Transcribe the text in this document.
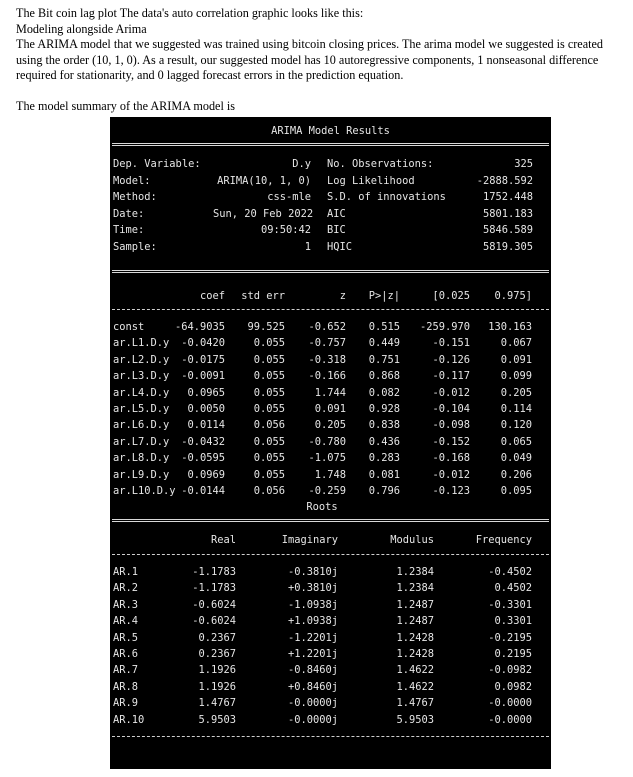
The Bit coin lag plot The data's auto correlation graphic looks like this:

Modeling alongside Arima

The ARIMA model that we suggested was trained using bitcoin closing prices. The arima model we suggested is created using the order (10, 1, 0). As a result, our suggested model has 10 autoregressive components, 1 nonseasonal difference required for stationarity, and 0 lagged forecast errors in the prediction equation.

The model summary of the ARIMA model is

ARIMA Model Results
Dep. Variable:	D.y No. Observations:	325
Model:	ARIMA(10, 1, 0) Log Likelihood	-2888.592
Method:	css-mle S.D. of innovations	1752.448
Date:	Sun, 20 Feb 2022 AIC	5801.183
Time:	09:50:42 BIC	5846.589
Sample:	1 HQIC	5819.305
coef	std err	z	P>|z|	[0.025	0.975]
const	-64.9035	99.525	-0.652	0.515	-259.970	130.163
ar.L1.D.y	-0.0420	0.055	-0.757	0.449	-0.151	0.067
ar.L2.D.y	-0.0175	0.055	-0.318	0.751	-0.126	0.091
ar.L3.D.y	-0.0091	0.055	-0.166	0.868	-0.117	0.099
ar.L4.D.y	0.0965	0.055	1.744	0.082	-0.012	0.205
ar.L5.D.y	0.0050	0.055	0.091	0.928	-0.104	0.114
ar.L6.D.y	0.0114	0.056	0.205	0.838	-0.098	0.120
ar.L7.D.y	-0.0432	0.055	-0.780	0.436	-0.152	0.065
ar.L8.D.y	-0.0595	0.055	-1.075	0.283	-0.168	0.049
ar.L9.D.y	0.0969	0.055	1.748	0.081	-0.012	0.206
ar.L10.D.y -0.0144	0.056	-0.259	0.796	-0.123	0.095
Roots
Real	Imaginary	Modulus	Frequency
AR.1	-1.1783	-0.3810j	1.2384	-0.4502
AR.2	-1.1783	+0.3810j	1.2384	0.4502
AR.3	-0.6024	-1.0938j	1.2487	-0.3301
AR.4	-0.6024	+1.0938j	1.2487	0.3301
AR.5	0.2367	-1.2201j	1.2428	-0.2195
AR.6	0.2367	+1.2201j	1.2428	0.2195
AR.7	1.1926	-0.8460j	1.4622	-0.0982
AR.8	1.1926	+0.8460j	1.4622	0.0982
AR.9	1.4767	-0.0000j	1.4767	-0.0000
AR.10	5.9503	-0.0000j	5.9503	-0.0000
